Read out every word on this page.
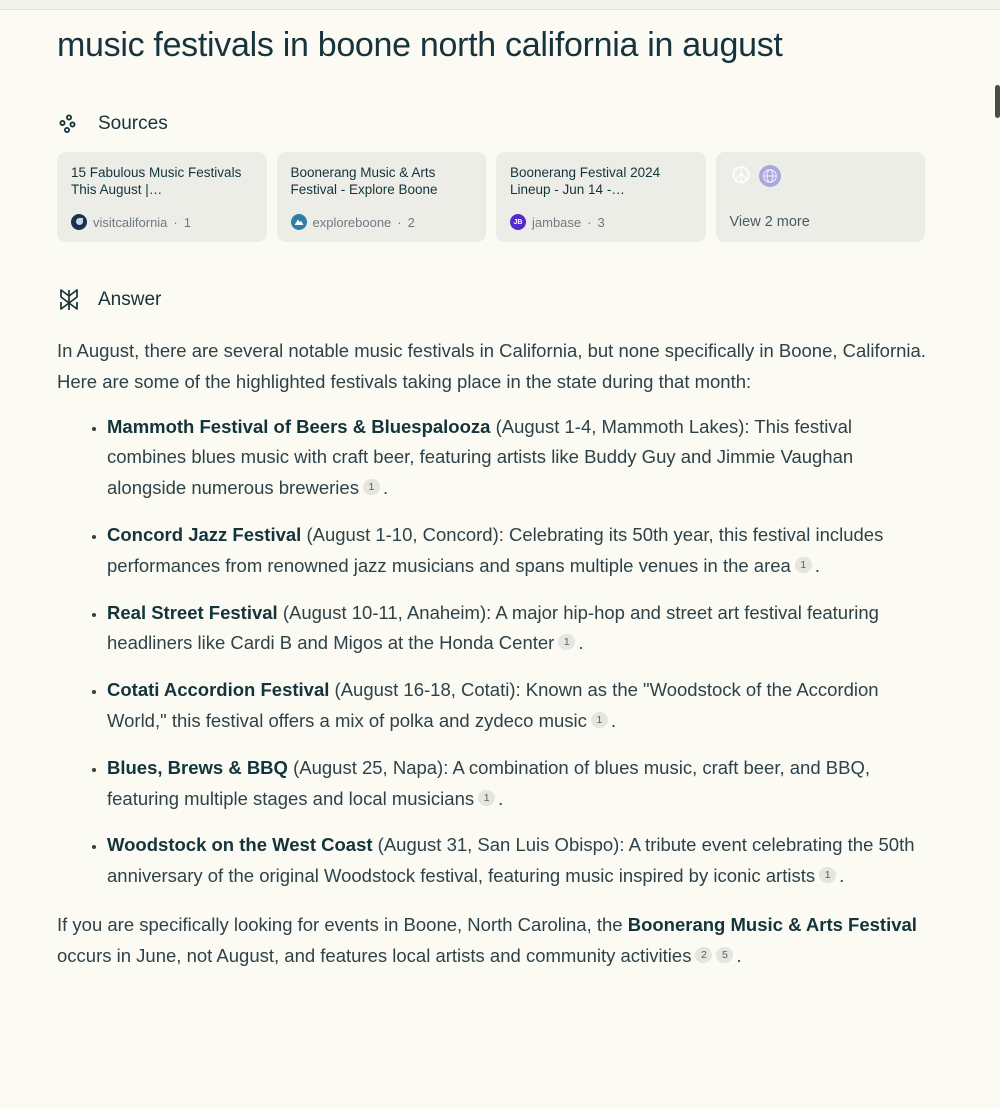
music festivals in boone north california in august
Sources
15 Fabulous Music Festivals This August |…
visitcalifornia · 1
Boonerang Music & Arts Festival - Explore Boone
exploreboone · 2
Boonerang Festival 2024 Lineup - Jun 14 -…
JB jambase · 3
☮
View 2 more
Answer

In August, there are several notable music festivals in California, but none specifically in Boone, California. Here are some of the highlighted festivals taking place in the state during that month:

• Mammoth Festival of Beers & Bluespalooza (August 1-4, Mammoth Lakes): This festival combines blues music with craft beer, featuring artists like Buddy Guy and Jimmie Vaughan alongside numerous breweries 1 .
• Concord Jazz Festival (August 1-10, Concord): Celebrating its 50th year, this festival includes performances from renowned jazz musicians and spans multiple venues in the area 1 .
• Real Street Festival (August 10-11, Anaheim): A major hip-hop and street art festival featuring headliners like Cardi B and Migos at the Honda Center 1 .
• Cotati Accordion Festival (August 16-18, Cotati): Known as the "Woodstock of the Accordion World," this festival offers a mix of polka and zydeco music 1 .
• Blues, Brews & BBQ (August 25, Napa): A combination of blues music, craft beer, and BBQ, featuring multiple stages and local musicians 1 .
• Woodstock on the West Coast (August 31, San Luis Obispo): A tribute event celebrating the 50th anniversary of the original Woodstock festival, featuring music inspired by iconic artists 1 .

If you are specifically looking for events in Boone, North Carolina, the Boonerang Music & Arts Festival occurs in June, not August, and features local artists and community activities 2 5 .
